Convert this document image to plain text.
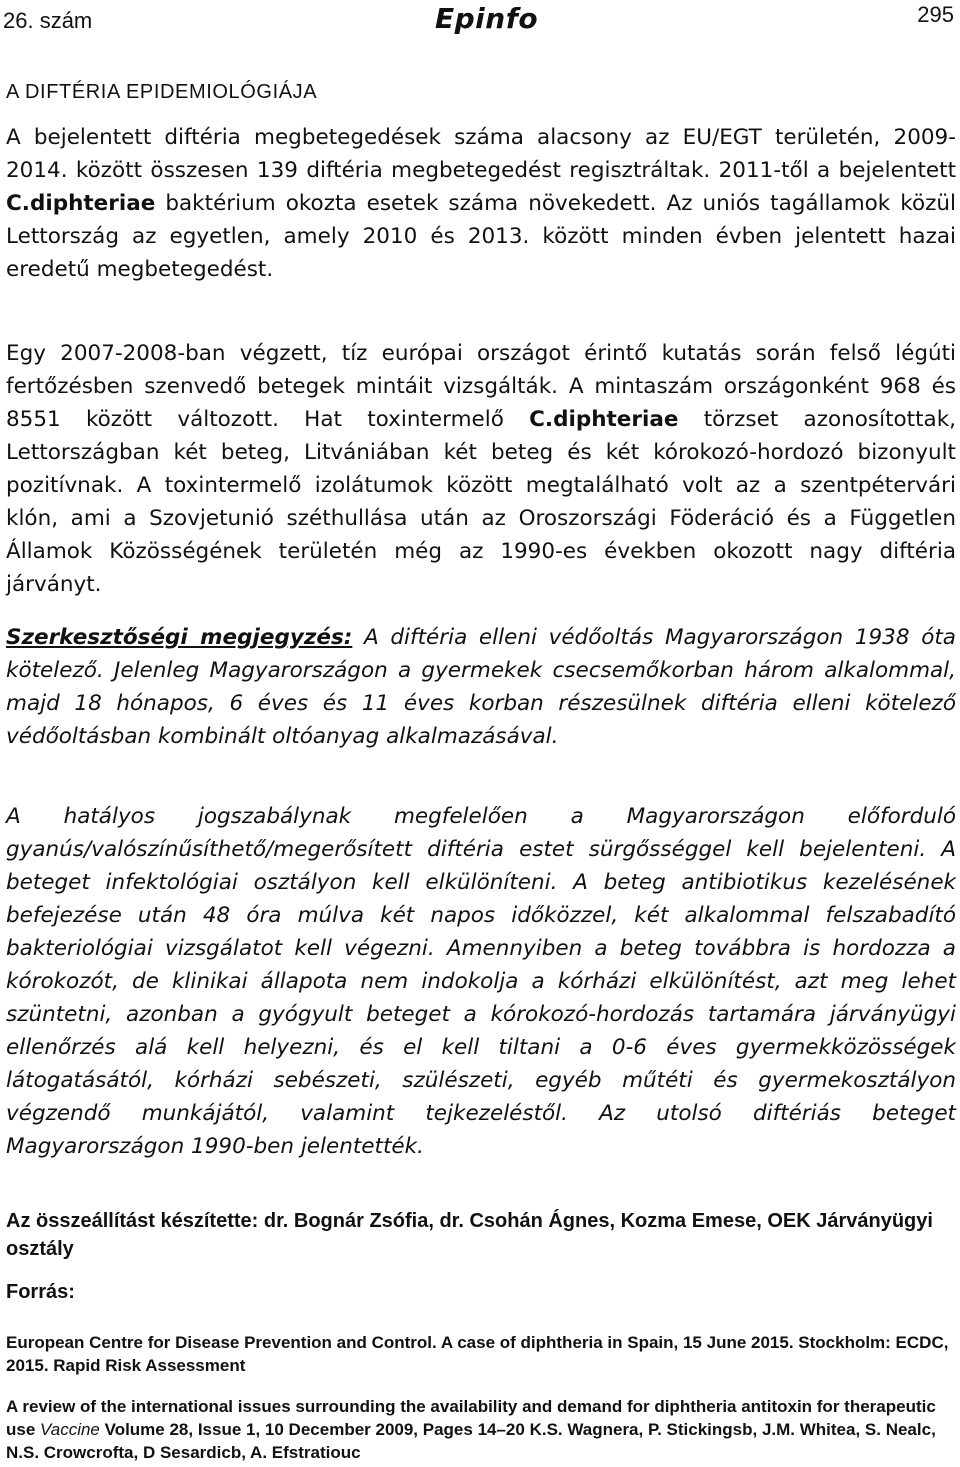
26. szám	Epinfo	295
A DIFTÉRIA EPIDEMIOLÓGIÁJA

A bejelentett diftéria megbetegedések száma alacsony az EU/EGT területén, 2009-2014. között összesen 139 diftéria megbetegedést regisztráltak. 2011-től a bejelentett C.diphteriae baktérium okozta esetek száma növekedett. Az uniós tagállamok közül Lettország az egyetlen, amely 2010 és 2013. között minden évben jelentett hazai eredetű megbetegedést.

Egy 2007-2008-ban végzett, tíz európai országot érintő kutatás során felső légúti fertőzésben szenvedő betegek mintáit vizsgálták. A mintaszám országonként 968 és 8551 között változott. Hat toxintermelő C.diphteriae törzset azonosítottak, Lettországban két beteg, Litvániában két beteg és két kórokozó-hordozó bizonyult pozitívnak. A toxintermelő izolátumok között megtalálható volt az a szentpétervári klón, ami a Szovjetunió széthullása után az Oroszországi Föderáció és a Független Államok Közösségének területén még az 1990-es években okozott nagy diftéria járványt.

Szerkesztőségi megjegyzés: A diftéria elleni védőoltás Magyarországon 1938 óta kötelező. Jelenleg Magyarországon a gyermekek csecsemőkorban három alkalommal, majd 18 hónapos, 6 éves és 11 éves korban részesülnek diftéria elleni kötelező védőoltásban kombinált oltóanyag alkalmazásával.

A hatályos jogszabálynak megfelelően a Magyarországon előforduló gyanús/valószínűsíthető/megerősített diftéria estet sürgősséggel kell bejelenteni. A beteget infektológiai osztályon kell elkülöníteni. A beteg antibiotikus kezelésének befejezése után 48 óra múlva két napos időközzel, két alkalommal felszabadító bakteriológiai vizsgálatot kell végezni. Amennyiben a beteg továbbra is hordozza a kórokozót, de klinikai állapota nem indokolja a kórházi elkülönítést, azt meg lehet szüntetni, azonban a gyógyult beteget a kórokozó-hordozás tartamára járványügyi ellenőrzés alá kell helyezni, és el kell tiltani a 0-6 éves gyermekközösségek látogatásától, kórházi sebészeti, szülészeti, egyéb műtéti és gyermekosztályon végzendő munkájától, valamint tejkezeléstől. Az utolsó diftériás beteget Magyarországon 1990-ben jelentették.

Az összeállítást készítette: dr. Bognár Zsófia, dr. Csohán Ágnes, Kozma Emese, OEK Járványügyi osztály
Forrás:
European Centre for Disease Prevention and Control. A case of diphtheria in Spain, 15 June 2015. Stockholm: ECDC, 2015. Rapid Risk Assessment
A review of the international issues surrounding the availability and demand for diphtheria antitoxin for therapeutic use Vaccine Volume 28, Issue 1, 10 December 2009, Pages 14–20 K.S. Wagnera, P. Stickingsb, J.M. Whitea, S. Nealc, N.S. Crowcrofta, D Sesardicb, A. Efstratiouc
